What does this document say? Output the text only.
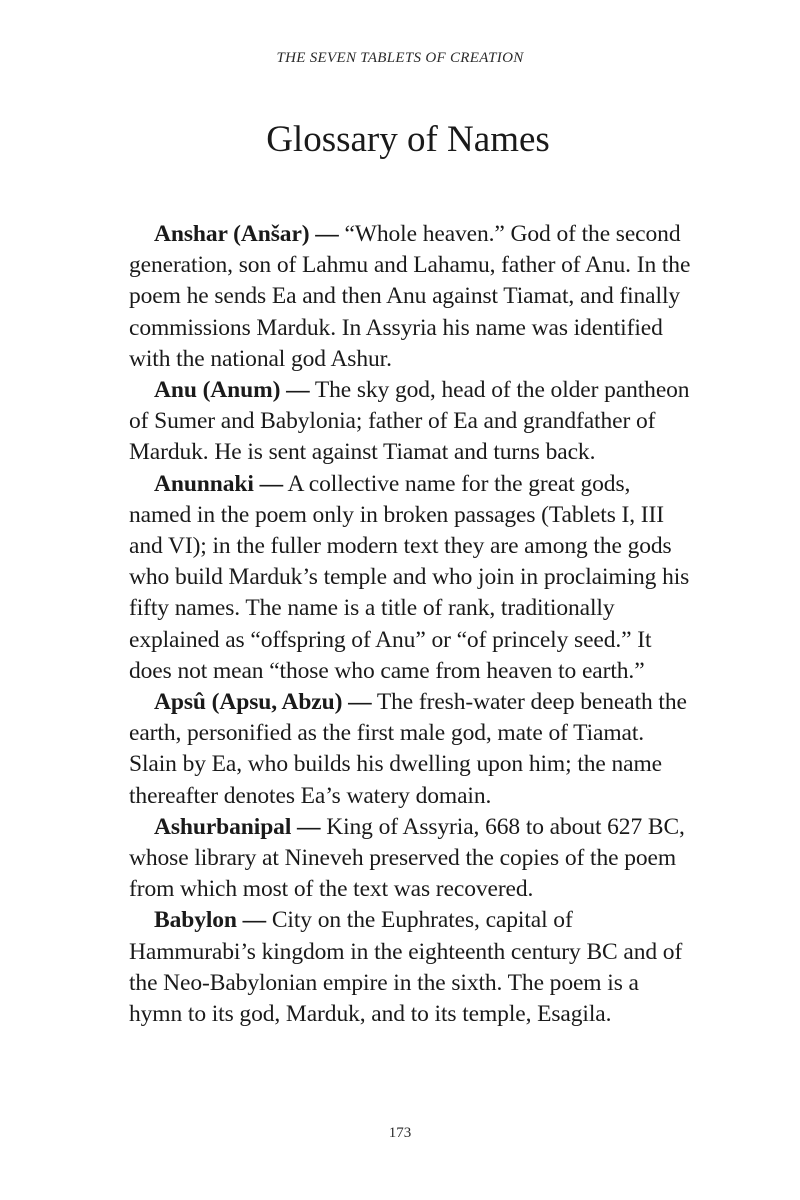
THE SEVEN TABLETS OF CREATION
Glossary of Names

Anshar (Anšar) — “Whole heaven.” God of the second generation, son of Lahmu and Lahamu, father of Anu. In the poem he sends Ea and then Anu against Tiamat, and finally commissions Marduk. In Assyria his name was identified with the national god Ashur.

Anu (Anum) — The sky god, head of the older pantheon of Sumer and Babylonia; father of Ea and grandfather of Marduk. He is sent against Tiamat and turns back.

Anunnaki — A collective name for the great gods, named in the poem only in broken passages (Tablets I, III and VI); in the fuller modern text they are among the gods who build Marduk’s temple and who join in proclaiming his fifty names. The name is a title of rank, traditionally explained as “offspring of Anu” or “of princely seed.” It does not mean “those who came from heaven to earth.”

Apsû (Apsu, Abzu) — The fresh-water deep beneath the earth, personified as the first male god, mate of Tiamat. Slain by Ea, who builds his dwelling upon him; the name thereafter denotes Ea’s watery domain.

Ashurbanipal — King of Assyria, 668 to about 627 BC, whose library at Nineveh preserved the copies of the poem from which most of the text was recovered.

Babylon — City on the Euphrates, capital of Hammurabi’s kingdom in the eighteenth century BC and of the Neo-Babylonian empire in the sixth. The poem is a hymn to its god, Marduk, and to its temple, Esagila.

173
